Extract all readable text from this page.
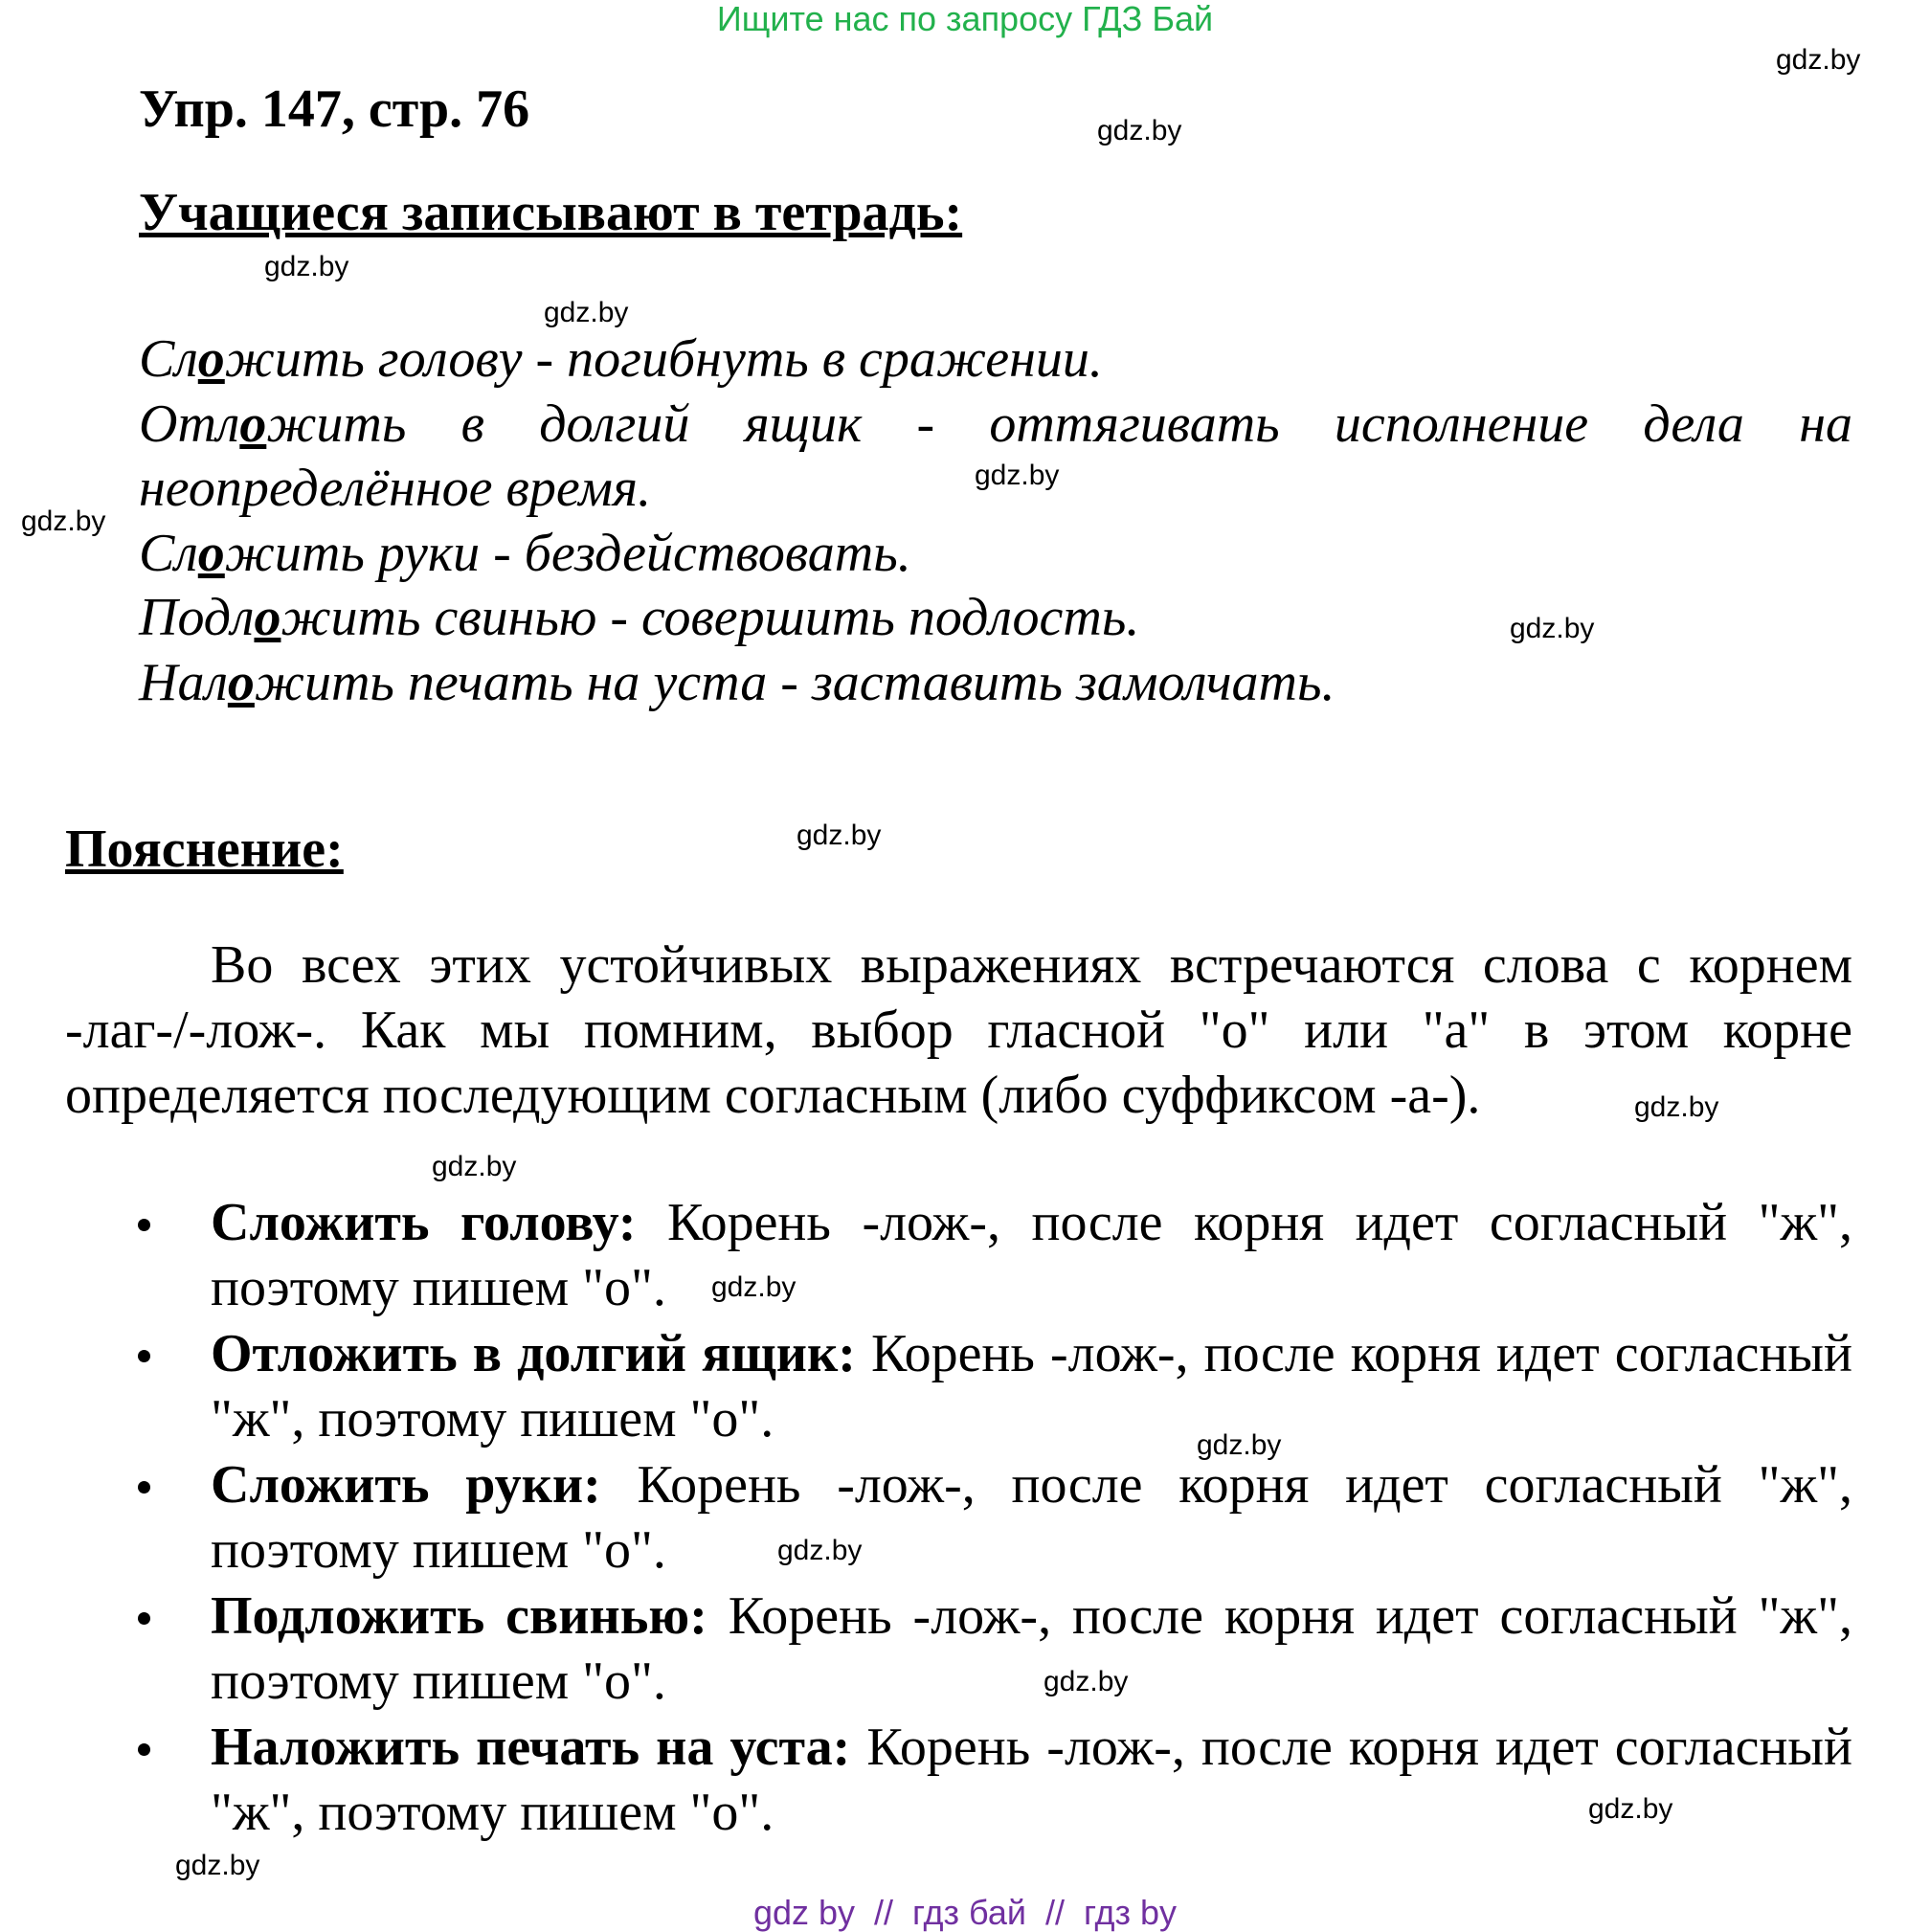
Ищите нас по запросу ГДЗ Бай
Упр. 147, стр. 76
Учащиеся записывают в тетрадь:

Сложить голову - погибнуть в сражении.

Отложить в долгий ящик - оттягивать исполнение дела на неопределённое время.

Сложить руки - бездействовать.

Подложить свинью - совершить подлость.

Наложить печать на уста - заставить замолчать.

Пояснение:

Во всех этих устойчивых выражениях встречаются слова с корнем -лаг-/-лож-. Как мы помним, выбор гласной "о" или "а" в этом корне определяется последующим согласным (либо суффиксом -а-).

Сложить голову: Корень -лож-, после корня идет согласный "ж", поэтому пишем "о".
Отложить в долгий ящик: Корень -лож-, после корня идет согласный "ж", поэтому пишем "о".
Сложить руки: Корень -лож-, после корня идет согласный "ж", поэтому пишем "о".
Подложить свинью: Корень -лож-, после корня идет согласный "ж", поэтому пишем "о".
Наложить печать на уста: Корень -лож-, после корня идет согласный "ж", поэтому пишем "о".
gdz.by
gdz.by
gdz.by
gdz.by
gdz.by
gdz.by
gdz.by
gdz.by
gdz.by
gdz.by
gdz.by
gdz.by
gdz.by
gdz.by
gdz.by
gdz.by
gdz by  //  гдз бай  //  гдз by
